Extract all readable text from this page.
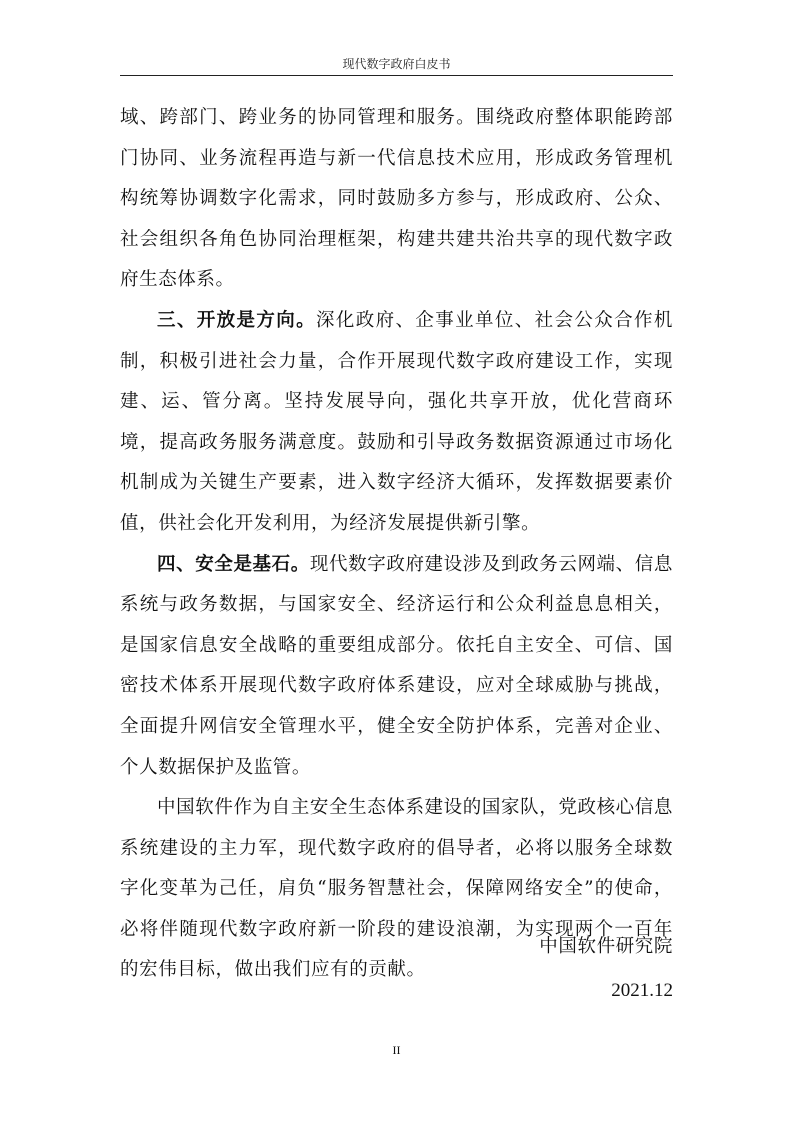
现代数字政府白皮书

域、跨部门、跨业务的协同管理和服务。围绕政府整体职能跨部门协同、业务流程再造与新一代信息技术应用，形成政务管理机构统筹协调数字化需求，同时鼓励多方参与，形成政府、公众、社会组织各角色协同治理框架，构建共建共治共享的现代数字政府生态体系。

三、开放是方向。深化政府、企事业单位、社会公众合作机制，积极引进社会力量，合作开展现代数字政府建设工作，实现建、运、管分离。坚持发展导向，强化共享开放，优化营商环境，提高政务服务满意度。鼓励和引导政务数据资源通过市场化机制成为关键生产要素，进入数字经济大循环，发挥数据要素价值，供社会化开发利用，为经济发展提供新引擎。

四、安全是基石。现代数字政府建设涉及到政务云网端、信息系统与政务数据，与国家安全、经济运行和公众利益息息相关，是国家信息安全战略的重要组成部分。依托自主安全、可信、国密技术体系开展现代数字政府体系建设，应对全球威胁与挑战，全面提升网信安全管理水平，健全安全防护体系，完善对企业、个人数据保护及监管。

中国软件作为自主安全生态体系建设的国家队，党政核心信息系统建设的主力军，现代数字政府的倡导者，必将以服务全球数字化变革为己任，肩负“服务智慧社会，保障网络安全”的使命，必将伴随现代数字政府新一阶段的建设浪潮，为实现两个一百年的宏伟目标，做出我们应有的贡献。

中国软件研究院
2021.12
II
